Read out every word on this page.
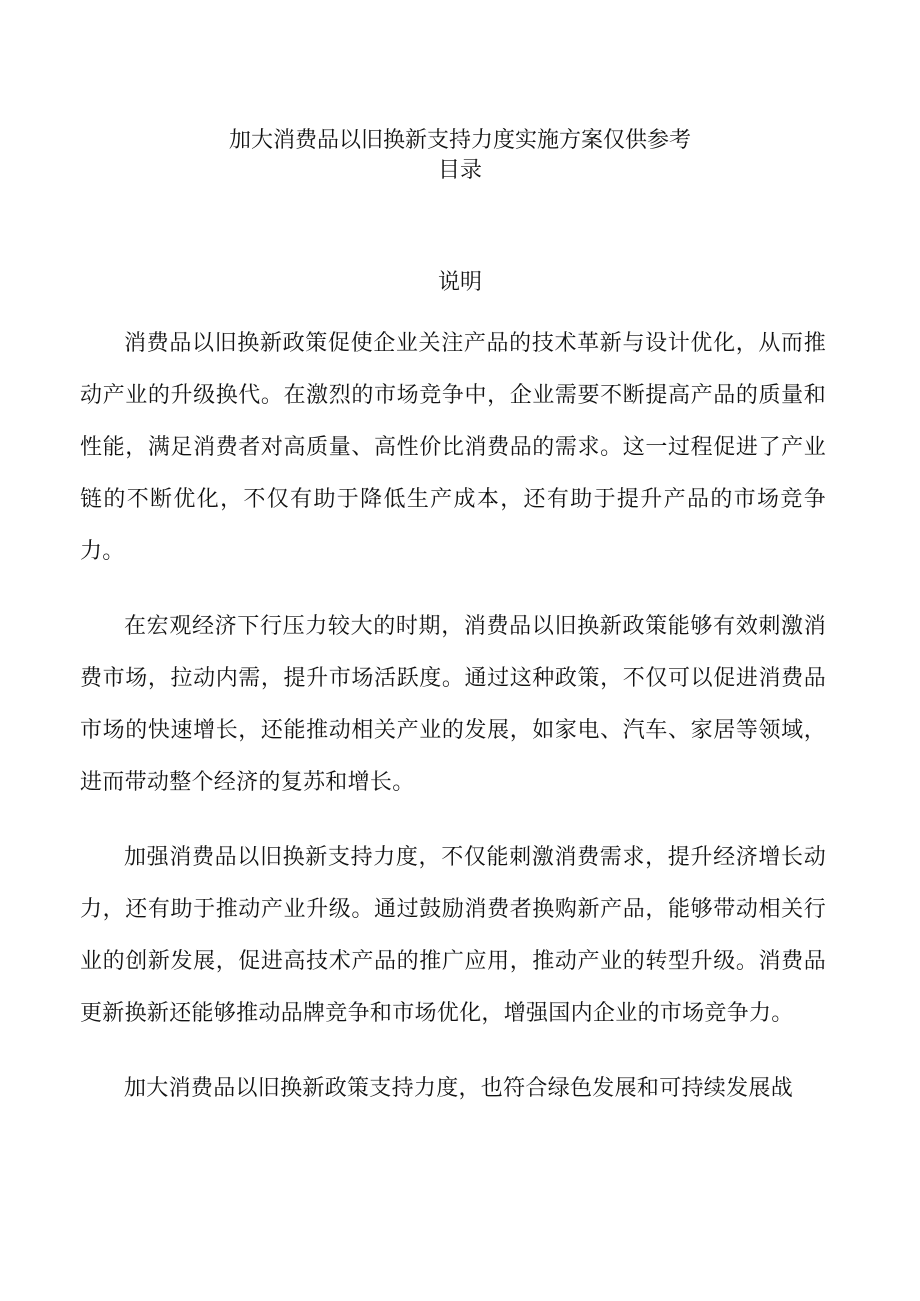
加大消费品以旧换新支持力度实施方案仅供参考
目录
说明

消费品以旧换新政策促使企业关注产品的技术革新与设计优化，从而推动产业的升级换代。在激烈的市场竞争中，企业需要不断提高产品的质量和性能，满足消费者对高质量、高性价比消费品的需求。这一过程促进了产业链的不断优化，不仅有助于降低生产成本，还有助于提升产品的市场竞争力。

在宏观经济下行压力较大的时期，消费品以旧换新政策能够有效刺激消费市场，拉动内需，提升市场活跃度。通过这种政策，不仅可以促进消费品市场的快速增长，还能推动相关产业的发展，如家电、汽车、家居等领域，进而带动整个经济的复苏和增长。

加强消费品以旧换新支持力度，不仅能刺激消费需求，提升经济增长动力，还有助于推动产业升级。通过鼓励消费者换购新产品，能够带动相关行业的创新发展，促进高技术产品的推广应用，推动产业的转型升级。消费品更新换新还能够推动品牌竞争和市场优化，增强国内企业的市场竞争力。

加大消费品以旧换新政策支持力度，也符合绿色发展和可持续发展战
